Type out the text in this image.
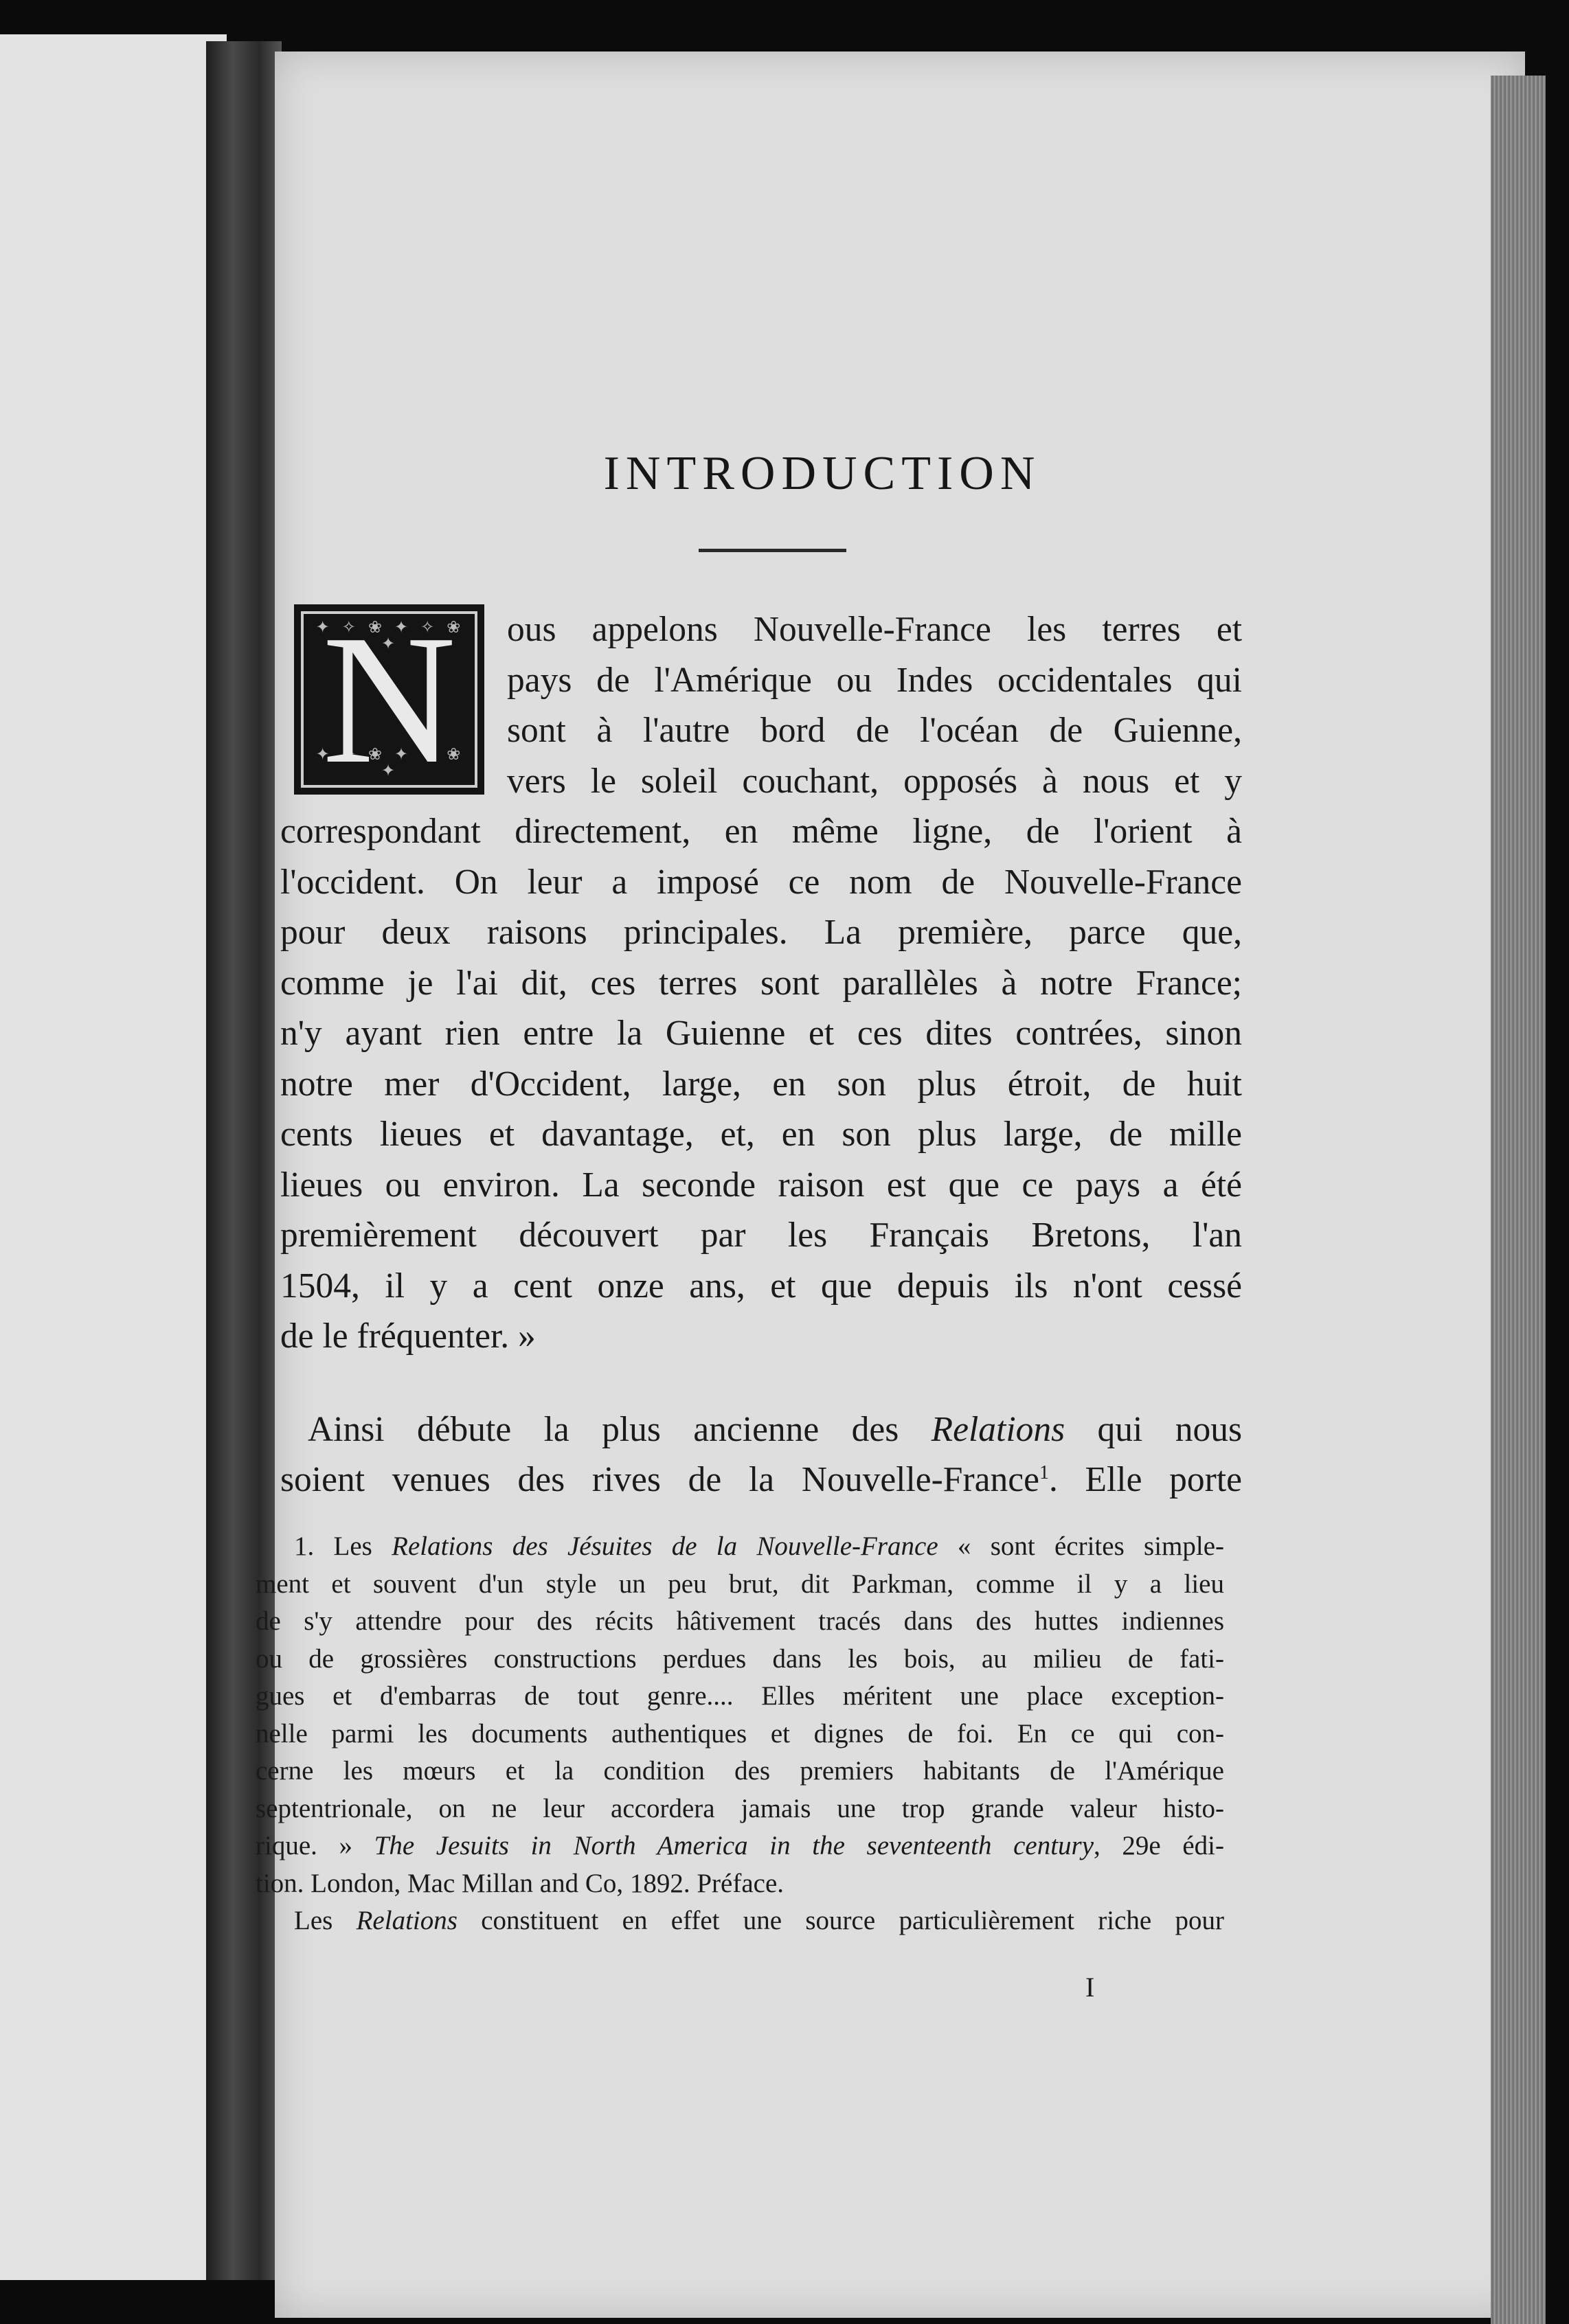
INTRODUCTION
✦ ✧ ❀ ✦ ✧ ❀ ✦ N
✦ ✧ ❀ ✦ ✧ ❀ ✦	ous appelons Nouvelle-France les terres et
pays de l'Amérique ou Indes occidentales qui
sont à l'autre bord de l'océan de Guienne,
vers le soleil couchant, opposés à nous et y
correspondant directement, en même ligne, de l'orient à
l'occident. On leur a imposé ce nom de Nouvelle-France
pour deux raisons principales. La première, parce que,
comme je l'ai dit, ces terres sont parallèles à notre France;
n'y ayant rien entre la Guienne et ces dites contrées, sinon
notre mer d'Occident, large, en son plus étroit, de huit
cents lieues et davantage, et, en son plus large, de mille
lieues ou environ. La seconde raison est que ce pays a été
premièrement découvert par les Français Bretons, l'an
1504, il y a cent onze ans, et que depuis ils n'ont cessé
de le fréquenter. »

Ainsi débute la plus ancienne des Relations qui nous
soient venues des rives de la Nouvelle-France$^1$. Elle porte

1. Les Relations des Jésuites de la Nouvelle-France « sont écrites simple-
ment et souvent d'un style un peu brut, dit Parkman, comme il y a lieu
de s'y attendre pour des récits hâtivement tracés dans des huttes indiennes
ou de grossières constructions perdues dans les bois, au milieu de fati-
gues et d'embarras de tout genre.... Elles méritent une place exception-
nelle parmi les documents authentiques et dignes de foi. En ce qui con-
cerne les mœurs et la condition des premiers habitants de l'Amérique
septentrionale, on ne leur accordera jamais une trop grande valeur histo-
rique. » The Jesuits in North America in the seventeenth century, 29e édi-
tion. London, Mac Millan and Co, 1892. Préface.
Les Relations constituent en effet une source particulièrement riche pour
I
